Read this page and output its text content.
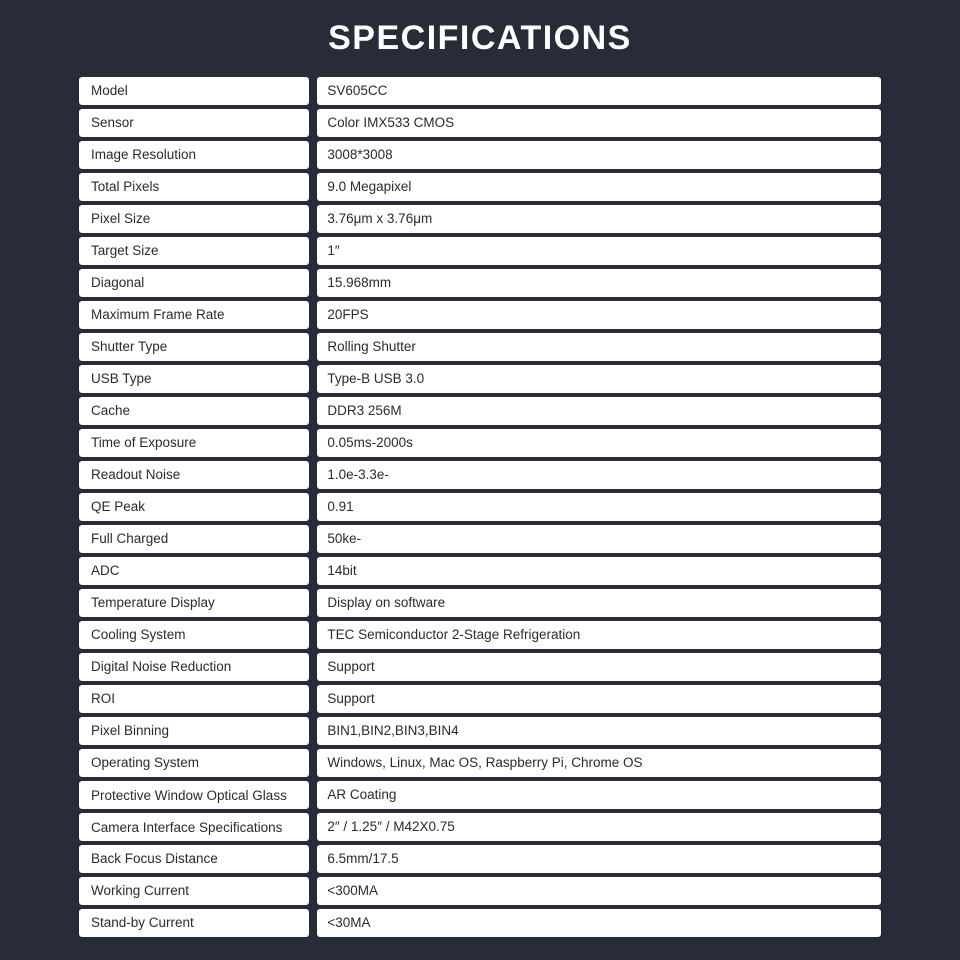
SPECIFICATIONS
Model		SV605CC
Sensor		Color IMX533 CMOS
Image Resolution		3008*3008
Total Pixels		9.0 Megapixel
Pixel Size		3.76μm x 3.76μm
Target Size		1″
Diagonal		15.968mm
Maximum Frame Rate		20FPS
Shutter Type		Rolling Shutter
USB Type		Type-B USB 3.0
Cache		DDR3 256M
Time of Exposure		0.05ms-2000s
Readout Noise		1.0e-3.3e-
QE Peak		0.91
Full Charged		50ke-
ADC		14bit
Temperature Display		Display on software
Cooling System		TEC Semiconductor 2-Stage Refrigeration
Digital Noise Reduction		Support
ROI		Support
Pixel Binning		BIN1,BIN2,BIN3,BIN4
Operating System		Windows, Linux, Mac OS, Raspberry Pi, Chrome OS
Protective Window Optical Glass		AR Coating
Camera Interface Specifications		2″ / 1.25″ / M42X0.75
Back Focus Distance		6.5mm/17.5
Working Current		<300MA
Stand-by Current		<30MA
